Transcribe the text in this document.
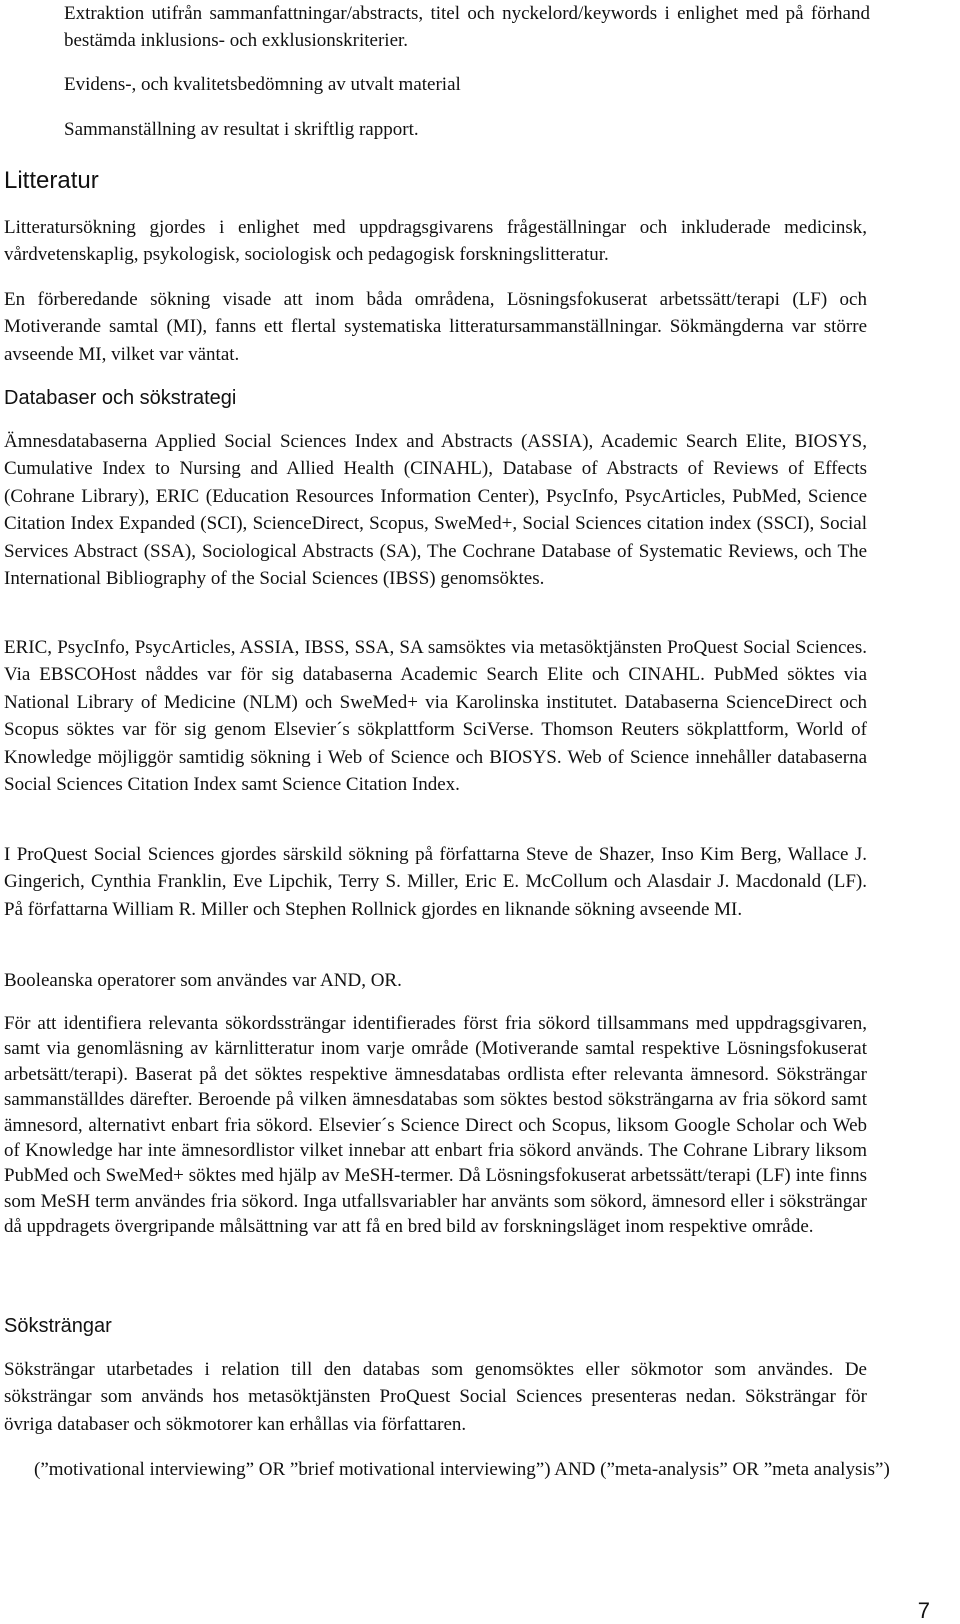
Extraktion utifrån sammanfattningar/abstracts, titel och nyckelord/keywords i enlighet med på förhand bestämda inklusions- och exklusionskriterier.

Evidens-, och kvalitetsbedömning av utvalt material

Sammanställning av resultat i skriftlig rapport.

Litteratur

Litteratursökning gjordes i enlighet med uppdragsgivarens frågeställningar och inkluderade medicinsk, vårdvetenskaplig, psykologisk, sociologisk och pedagogisk forskningslitteratur.

En förberedande sökning visade att inom båda områdena, Lösningsfokuserat arbetssätt/terapi (LF) och Motiverande samtal (MI), fanns ett flertal systematiska litteratursammanställningar. Sökmängderna var större avseende MI, vilket var väntat.

Databaser och sökstrategi

Ämnesdatabaserna Applied Social Sciences Index and Abstracts (ASSIA), Academic Search Elite, BIOSYS, Cumulative Index to Nursing and Allied Health (CINAHL), Database of Abstracts of Reviews of Effects (Cohrane Library), ERIC (Education Resources Information Center), PsycInfo, PsycArticles, PubMed, Science Citation Index Expanded (SCI), ScienceDirect, Scopus, SweMed+, Social Sciences citation index (SSCI), Social Services Abstract (SSA), Sociological Abstracts (SA), The Cochrane Database of Systematic Reviews, och The International Bibliography of the Social Sciences (IBSS) genomsöktes.

ERIC, PsycInfo, PsycArticles, ASSIA, IBSS, SSA, SA samsöktes via metasöktjänsten ProQuest Social Sciences. Via EBSCOHost nåddes var för sig databaserna Academic Search Elite och CINAHL. PubMed söktes via National Library of Medicine (NLM) och SweMed+ via Karolinska institutet. Databaserna ScienceDirect och Scopus söktes var för sig genom Elsevier´s sökplattform SciVerse. Thomson Reuters sökplattform, World of Knowledge möjliggör samtidig sökning i Web of Science och BIOSYS. Web of Science innehåller databaserna Social Sciences Citation Index samt Science Citation Index.

I ProQuest Social Sciences gjordes särskild sökning på författarna Steve de Shazer, Inso Kim Berg, Wallace J. Gingerich, Cynthia Franklin, Eve Lipchik, Terry S. Miller, Eric E. McCollum och Alasdair J. Macdonald (LF). På författarna William R. Miller och Stephen Rollnick gjordes en liknande sökning avseende MI.

Booleanska operatorer som användes var AND, OR.

För att identifiera relevanta sökordssträngar identifierades först fria sökord tillsammans med uppdragsgivaren, samt via genomläsning av kärnlitteratur inom varje område (Motiverande samtal respektive Lösningsfokuserat arbetsätt/terapi). Baserat på det söktes respektive ämnesdatabas ordlista efter relevanta ämnesord. Söksträngar sammanställdes därefter. Beroende på vilken ämnesdatabas som söktes bestod söksträngarna av fria sökord samt ämnesord, alternativt enbart fria sökord. Elsevier´s Science Direct och Scopus, liksom Google Scholar och Web of Knowledge har inte ämnesordlistor vilket innebar att enbart fria sökord används. The Cohrane Library liksom PubMed och SweMed+ söktes med hjälp av MeSH-termer. Då Lösningsfokuserat arbetssätt/terapi (LF) inte finns som MeSH term användes fria sökord. Inga utfallsvariabler har använts som sökord, ämnesord eller i söksträngar då uppdragets övergripande målsättning var att få en bred bild av forskningsläget inom respektive område.

Söksträngar

Söksträngar utarbetades i relation till den databas som genomsöktes eller sökmotor som användes. De söksträngar som används hos metasöktjänsten ProQuest Social Sciences presenteras nedan. Söksträngar för övriga databaser och sökmotorer kan erhållas via författaren.

(”motivational interviewing” OR ”brief motivational interviewing”) AND (”meta-analysis” OR ”meta analysis”)

7
